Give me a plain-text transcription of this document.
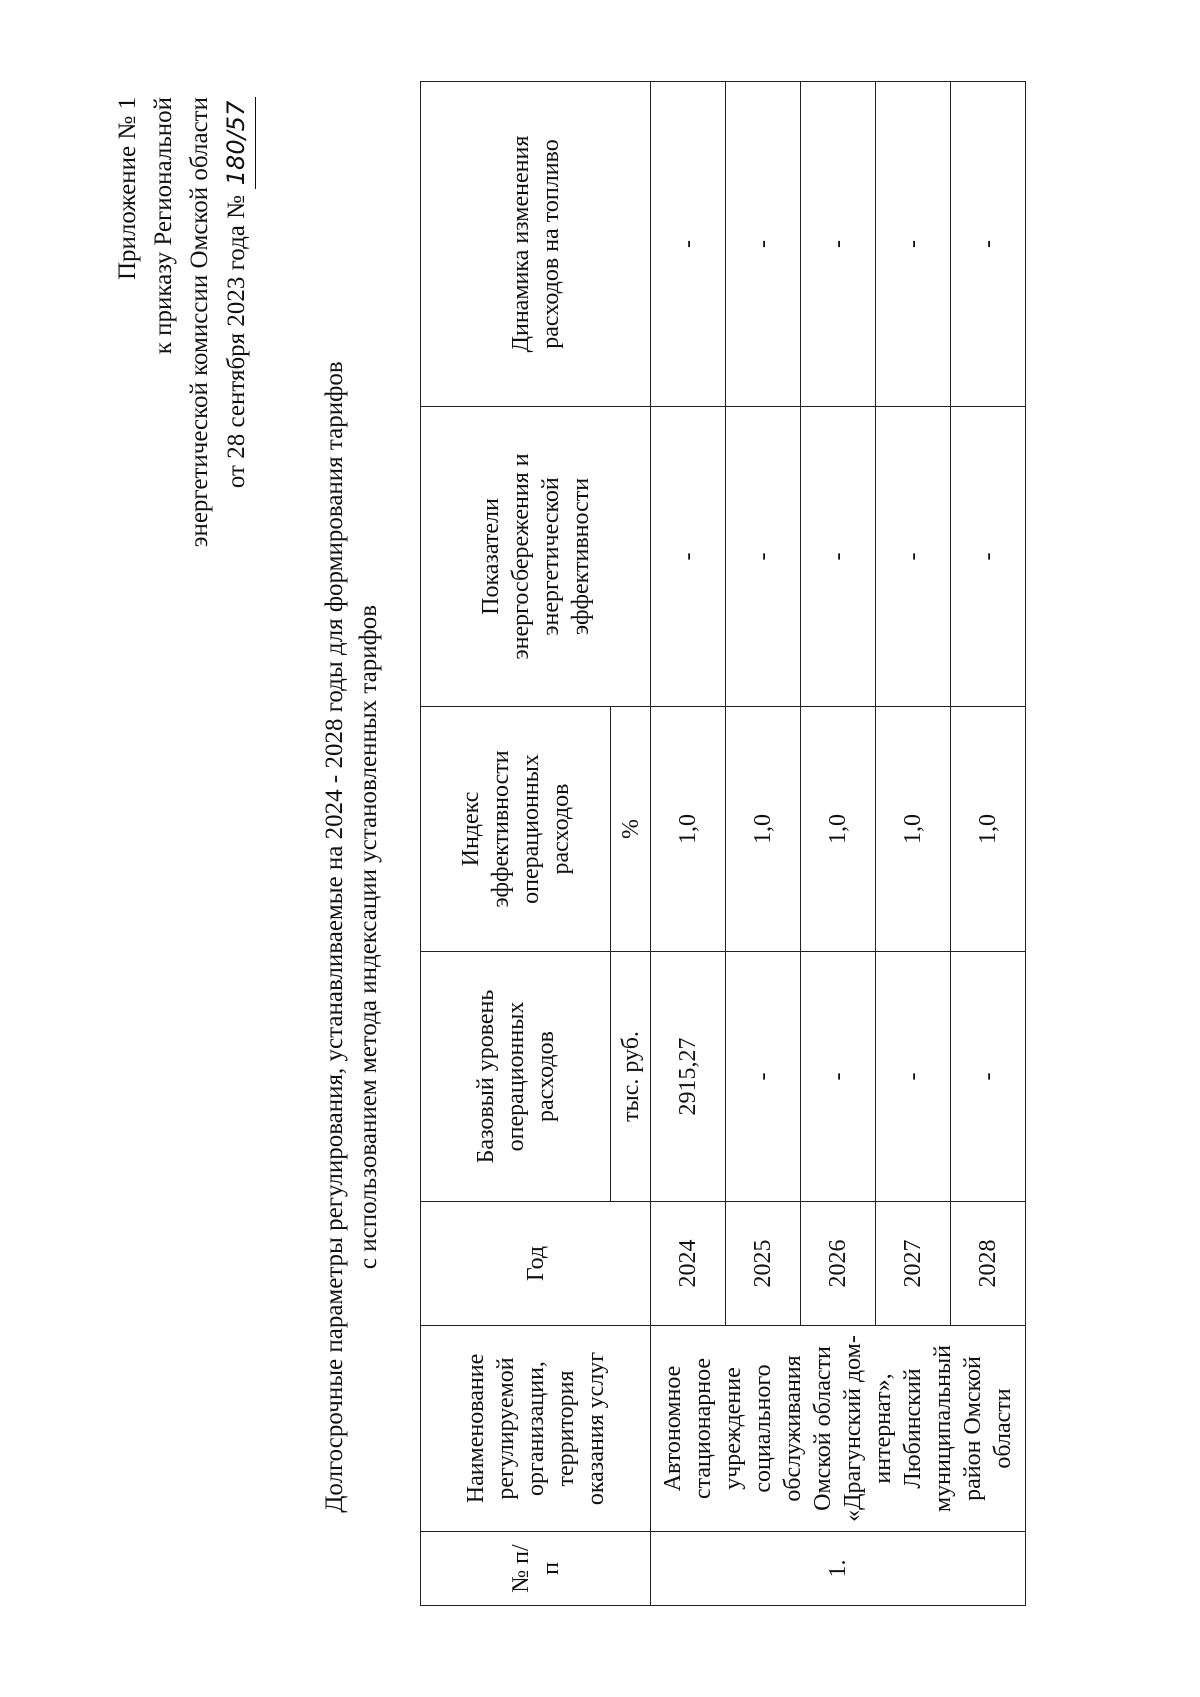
Приложение № 1 к приказу Региональной энергетической комиссии Омской области от 28 сентября 2023 года №180/57
Долгосрочные параметры регулирования, устанавливаемые на 2024 - 2028 годы для формирования тарифов с использованием метода индексации установленных тарифов
№ п/п	Наименование регулируемой организации, территория оказания услуг	Год	Базовый уровень операционных расходов	Индекс эффективности операционных расходов	Показатели энергосбережения и энергетической эффективности	Динамика изменения расходов на топливо
			тыс. руб.	%		
1.	Автономное стационарное учреждение социального обслуживания Омской области «Драгунский дом-интернат», Любинский муниципальный район Омской области	2024	2915,27	1,0	-	-
		2025	-	1,0	-	-
		2026	-	1,0	-	-
		2027	-	1,0	-	-
		2028	-	1,0	-	-
